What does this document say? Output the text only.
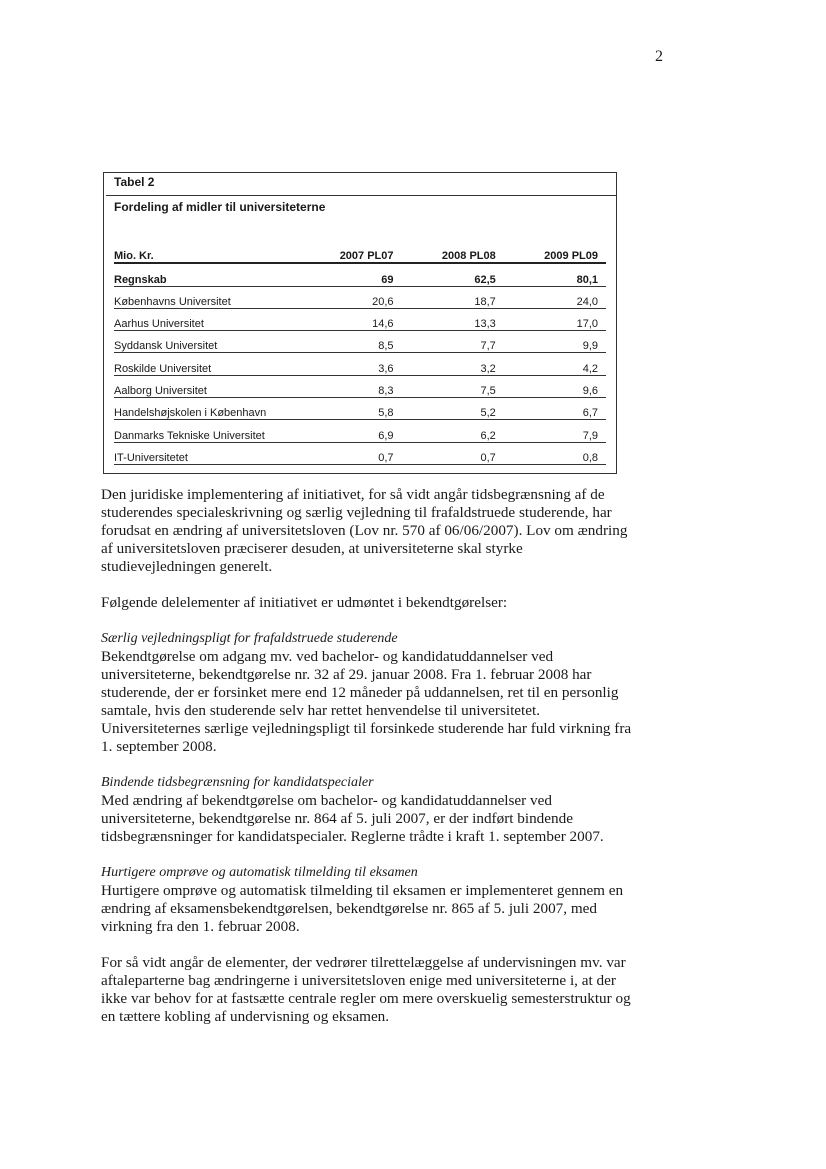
2
Tabel 2
Fordeling af midler til universiteterne
Mio. Kr.	2007 PL07	2008 PL08	2009 PL09
Regnskab	69	62,5	80,1
Københavns Universitet	20,6	18,7	24,0
Aarhus Universitet	14,6	13,3	17,0
Syddansk Universitet	8,5	7,7	9,9
Roskilde Universitet	3,6	3,2	4,2
Aalborg Universitet	8,3	7,5	9,6
Handelshøjskolen i København	5,8	5,2	6,7
Danmarks Tekniske Universitet	6,9	6,2	7,9
IT-Universitetet	0,7	0,7	0,8

Den juridiske implementering af initiativet, for så vidt angår tidsbegrænsning af de studerendes specialeskrivning og særlig vejledning til frafaldstruede studerende, har forudsat en ændring af universitetsloven (Lov nr. 570 af 06/06/2007). Lov om ændring af universitetsloven præciserer desuden, at universiteterne skal styrke studievejledningen generelt.

Følgende delelementer af initiativet er udmøntet i bekendtgørelser:

Særlig vejledningspligt for frafaldstruede studerende

Bekendtgørelse om adgang mv. ved bachelor- og kandidatuddannelser ved universiteterne, bekendtgørelse nr. 32 af 29. januar 2008. Fra 1. februar 2008 har studerende, der er forsinket mere end 12 måneder på uddannelsen, ret til en personlig samtale, hvis den studerende selv har rettet henvendelse til universitetet. Universiteternes særlige vejledningspligt til forsinkede studerende har fuld virkning fra 1. september 2008.

Bindende tidsbegrænsning for kandidatspecialer

Med ændring af bekendtgørelse om bachelor- og kandidatuddannelser ved universiteterne, bekendtgørelse nr. 864 af 5. juli 2007, er der indført bindende tidsbegrænsninger for kandidatspecialer. Reglerne trådte i kraft 1. september 2007.

Hurtigere omprøve og automatisk tilmelding til eksamen

Hurtigere omprøve og automatisk tilmelding til eksamen er implementeret gennem en ændring af eksamensbekendtgørelsen, bekendtgørelse nr. 865 af 5. juli 2007, med virkning fra den 1. februar 2008.

For så vidt angår de elementer, der vedrører tilrettelæggelse af undervisningen mv. var aftaleparterne bag ændringerne i universitetsloven enige med universiteterne i, at der ikke var behov for at fastsætte centrale regler om mere overskuelig semesterstruktur og en tættere kobling af undervisning og eksamen.
